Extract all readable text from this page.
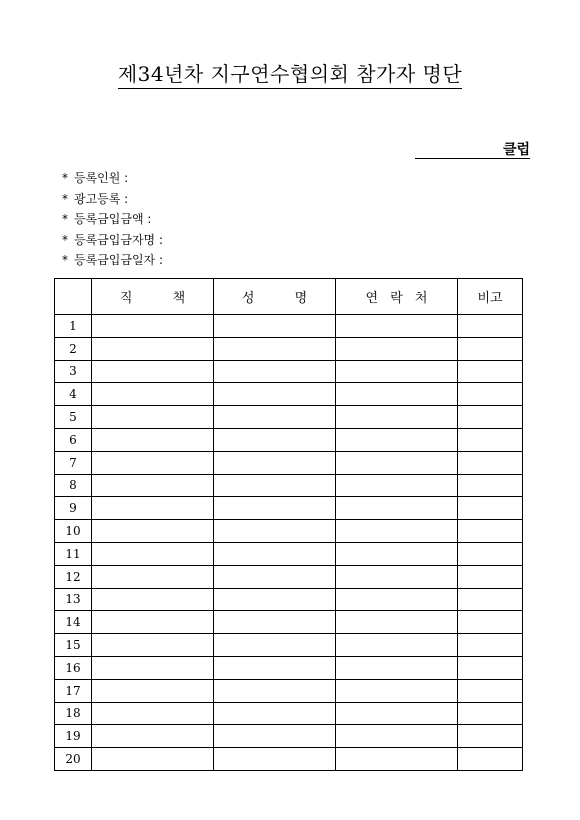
제34년차 지구연수협의회 참가자 명단
클럽
* 등록인원 :
* 광고등록 :
* 등록금입금액 :
* 등록금입금자명 :
* 등록금입금일자 :
	직 책	성 명	연 락 처	비고
1				
2				
3				
4				
5				
6				
7				
8				
9				
10				
11				
12				
13				
14				
15				
16				
17				
18				
19				
20				
